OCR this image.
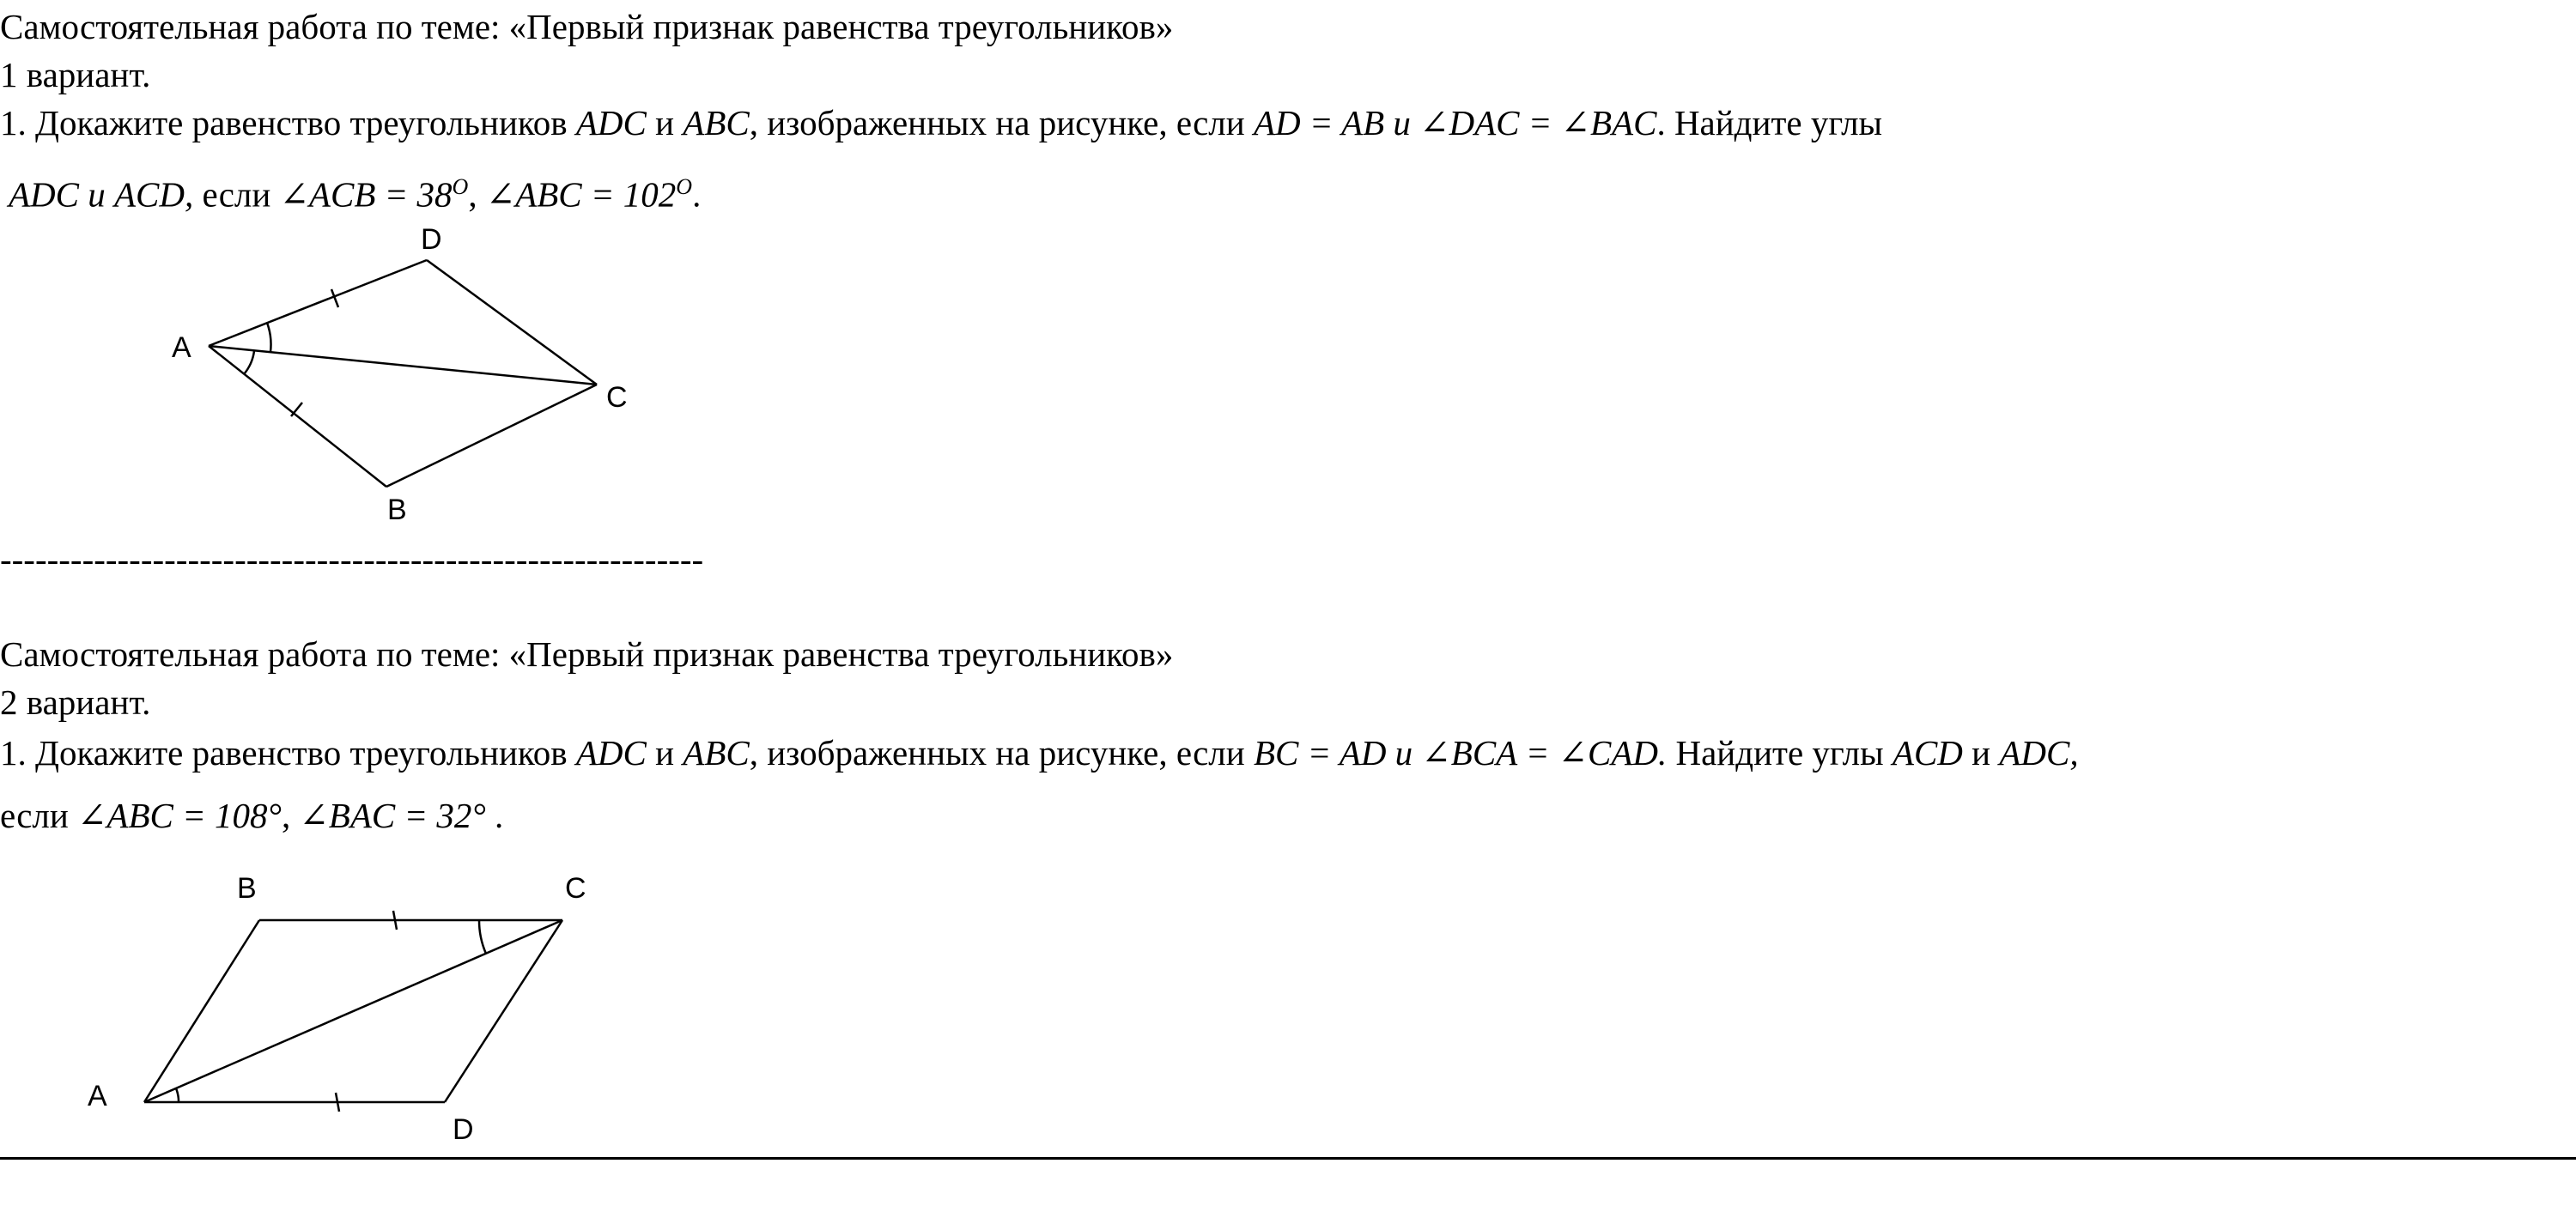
Самостоятельная работа по теме: «Первый признак равенства треугольников»
1 вариант.
1. Докажите равенство треугольников ADC и ABC, изображенных на рисунке, если AD = AB и ∠DAC = ∠BAC. Найдите углы
ADC и ACD, если ∠ACB = $38^O$, ∠ABC = $102^O$.
A
D
C
B
------------------------------------------------------------
Самостоятельная работа по теме: «Первый признак равенства треугольников»
2 вариант.
1. Докажите равенство треугольников ADC и ABC, изображенных на рисунке, если BC = AD и ∠BCA = ∠CAD. Найдите углы ACD и ADC,
если ∠ABC = 108°, ∠BAC = 32° .
B	C
A
D
